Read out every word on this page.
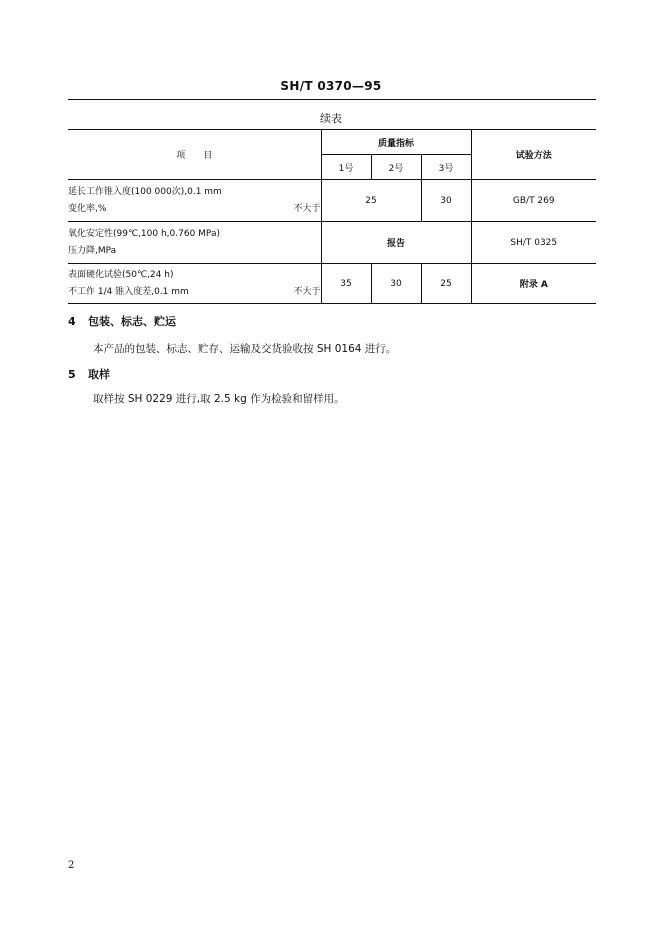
SH/T 0370—95
续表
项　　目	质量指标			试验方法
	1号	2号	3号	

延长工作锥入度(100 000次),0.1 mm
变化率,% 不大于	25		30	GB/T 269

氧化安定性(99℃,100 h,0.760 MPa)
压力降,MPa	报告			SH/T 0325

表面硬化试验(50℃,24 h)
不工作 1/4 锥入度差,0.1 mm 不大于	35	30	25	附录 A
4 包装、标志、贮运
本产品的包装、标志、贮存、运输及交货验收按 SH 0164 进行。
5 取样
取样按 SH 0229 进行,取 2.5 kg 作为检验和留样用。
2
